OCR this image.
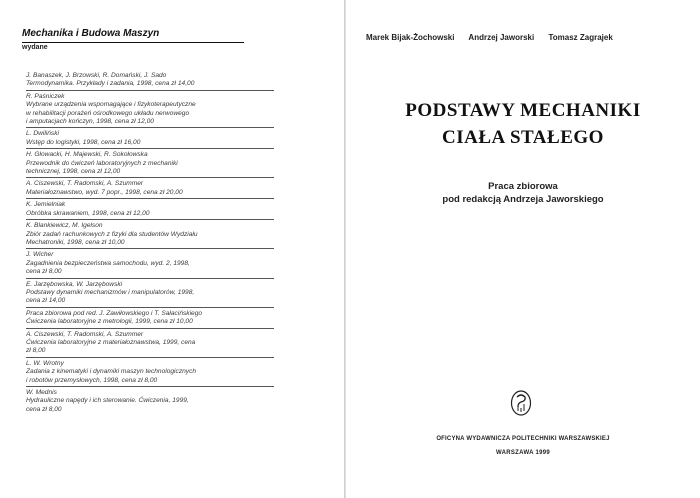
Mechanika i Budowa Maszyn
wydane
J. Banaszek, J. Brzowski, R. Domański, J. Sado
Termodynamika. Przykłady i zadania, 1998, cena zł 14,00
R. Paśniczek
Wybrane urządzenia wspomagające i fizykoterapeutyczne
w rehabilitacji porażeń ośrodkowego układu nerwowego
i amputacjach kończyn, 1998, cena zł 12,00
L. Dwiliński
Wstęp do logistyki, 1998, cena zł 16,00
H. Głowacki, H. Majewski, R. Sokołowska
Przewodnik do ćwiczeń laboratoryjnych z mechaniki
technicznej, 1998, cena zł 12,00
A. Ciszewski, T. Radomski, A. Szummer
Materiałoznawstwo, wyd. 7 popr., 1998, cena zł 20,00
K. Jemielniak
Obróbka skrawaniem, 1998, cena zł 12,00
K. Blankiewicz, M. Igelson
Zbiór zadań rachunkowych z fizyki dla studentów Wydziału
Mechatroniki, 1998, cena zł 10,00
J. Wicher
Zagadnienia bezpieczeństwa samochodu, wyd. 2, 1998,
cena zł 8,00
E. Jarzębowska, W. Jarzębowski
Podstawy dynamiki mechanizmów i manipulatorów, 1998,
cena zł 14,00
Praca zbiorowa pod red. J. Zawiłowskiego i T. Sałacińskiego
Ćwiczenia laboratoryjne z metrologii, 1999, cena zł 10,00
A. Ciszewski, T. Radomski, A. Szummer
Ćwiczenia laboratoryjne z materiałoznawstwa, 1999, cena
zł 8,00
L. W. Wrotny
Zadania z kinematyki i dynamiki maszyn technologicznych
i robotów przemysłowych, 1998, cena zł 8,00
W. Mednis
Hydrauliczne napędy i ich sterowanie. Ćwiczenia, 1999,
cena zł 8,00
Marek Bijak-Żochowski Andrzej Jaworski Tomasz Zagrajek
PODSTAWY MECHANIKI
CIAŁA STAŁEGO
Praca zbiorowa
pod redakcją Andrzeja Jaworskiego
OFICYNA WYDAWNICZA POLITECHNIKI WARSZAWSKIEJ
WARSZAWA 1999
